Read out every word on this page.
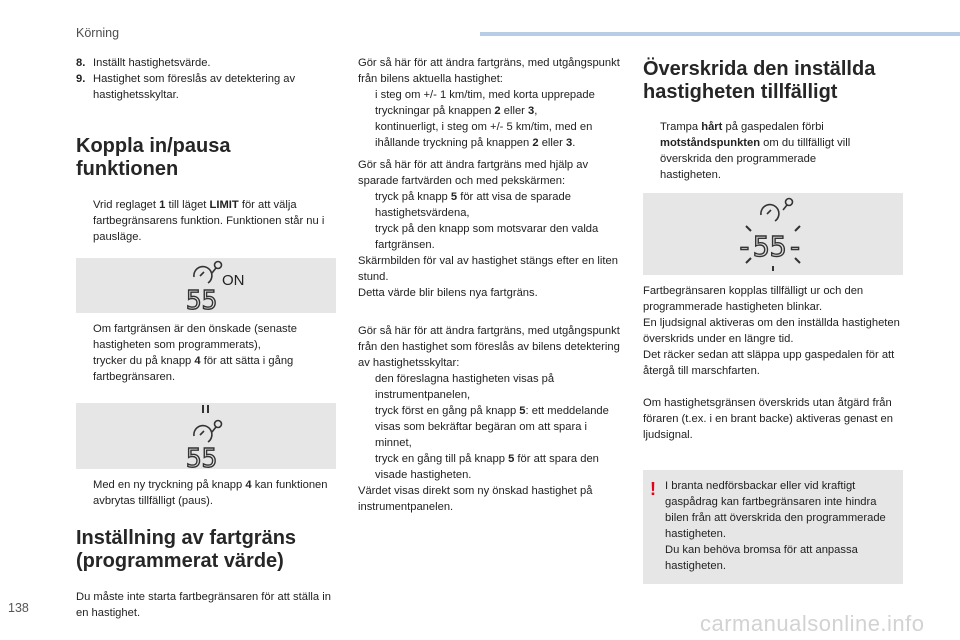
Körning

8. Inställt hastighetsvärde.

9. Hastighet som föreslås av detektering av hastighetsskyltar.

Koppla in/pausa funktionen

Vrid reglaget 1 till läget LIMIT för att välja fartbegränsarens funktion. Funktionen står nu i pausläge.

ON
55

Om fartgränsen är den önskade (senaste hastigheten som programmerats),
trycker du på knapp 4 för att sätta i gång fartbegränsaren.

55

Med en ny tryckning på knapp 4 kan funktionen avbrytas tillfälligt (paus).

Inställning av fartgräns (programmerat värde)

Du måste inte starta fartbegränsaren för att ställa in en hastighet.

Gör så här för att ändra fartgräns, med utgångspunkt från bilens aktuella hastighet:

i steg om +/- 1 km/tim, med korta upprepade tryckningar på knappen 2 eller 3,

kontinuerligt, i steg om +/- 5 km/tim, med en ihållande tryckning på knappen 2 eller 3.

Gör så här för att ändra fartgräns med hjälp av sparade fartvärden och med pekskärmen:

tryck på knapp 5 för att visa de sparade hastighetsvärdena,

tryck på den knapp som motsvarar den valda fartgränsen.

Skärmbilden för val av hastighet stängs efter en liten stund.

Detta värde blir bilens nya fartgräns.

Gör så här för att ändra fartgräns, med utgångspunkt från den hastighet som föreslås av bilens detektering av hastighetsskyltar:

den föreslagna hastigheten visas på instrumentpanelen,

tryck först en gång på knapp 5: ett meddelande visas som bekräftar begäran om att spara i minnet,

tryck en gång till på knapp 5 för att spara den visade hastigheten.

Värdet visas direkt som ny önskad hastighet på instrumentpanelen.

Överskrida den inställda hastigheten tillfälligt

Trampa hårt på gaspedalen förbi motståndspunkten om du tillfälligt vill överskrida den programmerade hastigheten.

-55-

Fartbegränsaren kopplas tillfälligt ur och den programmerade hastigheten blinkar.

En ljudsignal aktiveras om den inställda hastigheten överskrids under en längre tid.

Det räcker sedan att släppa upp gaspedalen för att återgå till marschfarten.

Om hastighetsgränsen överskrids utan åtgärd från föraren (t.ex. i en brant backe) aktiveras genast en ljudsignal.

! I branta nedförsbackar eller vid kraftigt gaspådrag kan fartbegränsaren inte hindra bilen från att överskrida den programmerade hastigheten.

Du kan behöva bromsa för att anpassa hastigheten.

138
carmanualsonline.info
